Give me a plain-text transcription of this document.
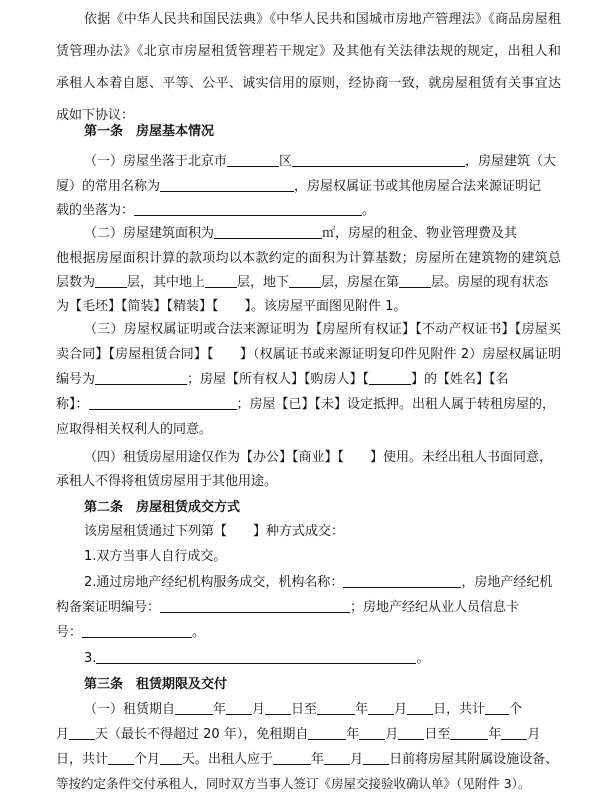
依据《中华人民共和国民法典》《中华人民共和国城市房地产管理法》《商品房屋租
赁管理办法》《北京市房屋租赁管理若干规定》及其他有关法律法规的规定，出租人和
承租人本着自愿、平等、公平、诚实信用的原则，经协商一致，就房屋租赁有关事宜达
成如下协议：
第一条　房屋基本情况
（一）房屋坐落于北京市	区	，房屋建筑（大
厦）的常用名称为	，房屋权属证书或其他房屋合法来源证明记
载的坐落为：	。
（二）房屋建筑面积为	㎡，房屋的租金、物业管理费及其
他根据房屋面积计算的款项均以本款约定的面积为计算基数；房屋所在建筑物的建筑总
层数为 层，其中地上 层，地下 层，房屋在第 层。房屋的现有状态
为【毛坯】【简装】【精装】【　　】。该房屋平面图见附件 1。
（三）房屋权属证明或合法来源证明为【房屋所有权证】【不动产权证书】【房屋买
卖合同】【房屋租赁合同】【　　】（权属证书或来源证明复印件见附件 2）房屋权属证明
编号为	；房屋【所有权人】【购房人】【	】的【姓名】【名
称】：	；房屋【已】【未】设定抵押。出租人属于转租房屋的，
应取得相关权利人的同意。
（四）租赁房屋用途仅作为【办公】【商业】【　　】使用。未经出租人书面同意，
承租人不得将租赁房屋用于其他用途。
第二条　房屋租赁成交方式
该房屋租赁通过下列第【　　】种方式成交：
1.双方当事人自行成交。
2.通过房地产经纪机构服务成交，机构名称：	，房地产经纪机
构备案证明编号：	；房地产经纪从业人员信息卡
号：	。
3.	。
第三条　租赁期限及交付
（一）租赁期自	年 月 日至	年 月 日，共计 个
月 天（最长不得超过 20 年），免租期自	年 月 日至	年 月
日，共计 个月 天。出租人应于	年 月 日前将房屋其附属设施设备、
等按约定条件交付承租人，同时双方当事人签订《房屋交接验收确认单》（见附件 3）。
